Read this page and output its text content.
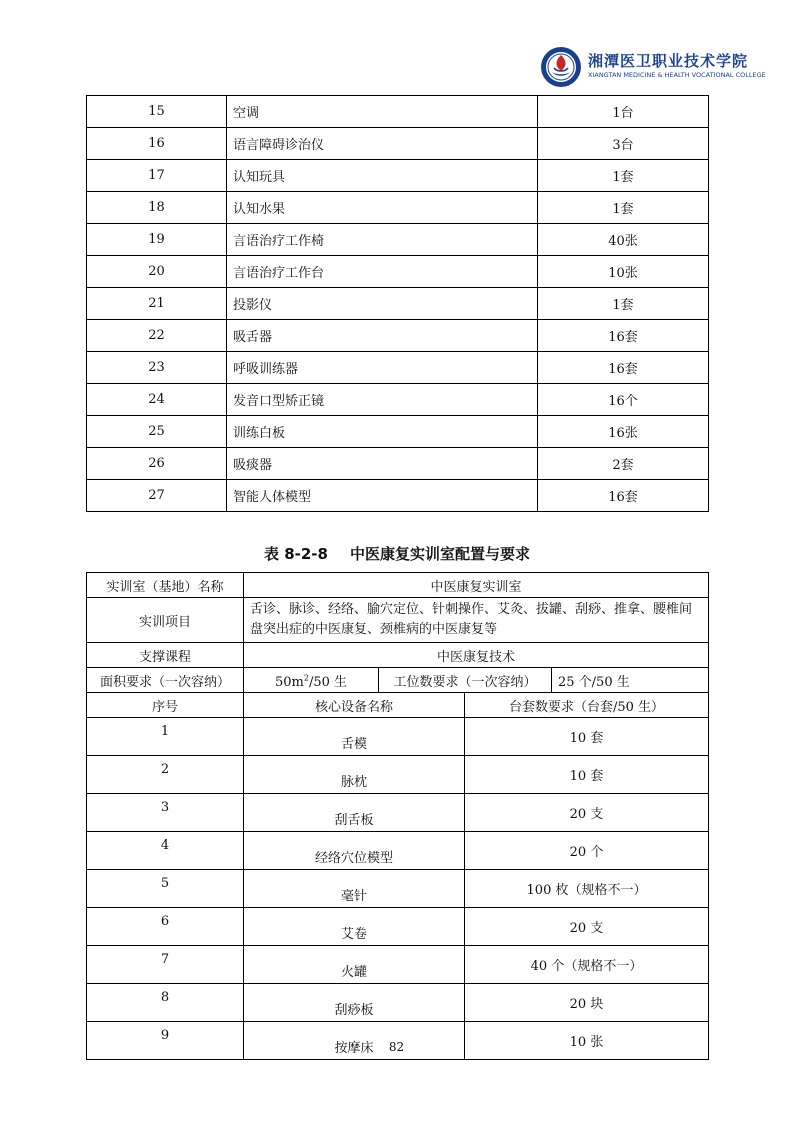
湘潭医卫职业技术学院
XIANGTAN MEDICINE & HEALTH VOCATIONAL COLLEGE
15	空调	1台
16	语言障碍诊治仪	3台
17	认知玩具	1套
18	认知水果	1套
19	言语治疗工作椅	40张
20	言语治疗工作台	10张
21	投影仪	1套
22	吸舌器	16套
23	呼吸训练器	16套
24	发音口型矫正镜	16个
25	训练白板	16张
26	吸痰器	2套
27	智能人体模型	16套
表 8-2-8 中医康复实训室配置与要求
实训室（基地）名称	中医康复实训室			
实训项目	舌诊、脉诊、经络、腧穴定位、针刺操作、艾灸、拔罐、刮痧、推拿、腰椎间盘突出症的中医康复、颈椎病的中医康复等			
支撑课程	中医康复技术			
面积要求（一次容纳）	$50m^2/50$ 生	工位数要求（一次容纳）		25 个/50 生
序号	核心设备名称		台套数要求（台套/50 生）	
1	舌模		10 套	
2	脉枕		10 套	
3	刮舌板		20 支	
4	经络穴位模型		20 个	
5	毫针		100 枚（规格不一）	
6	艾卷		20 支	
7	火罐		40 个（规格不一）	
8	刮痧板		20 块	
9	按摩床		10 张	
82
